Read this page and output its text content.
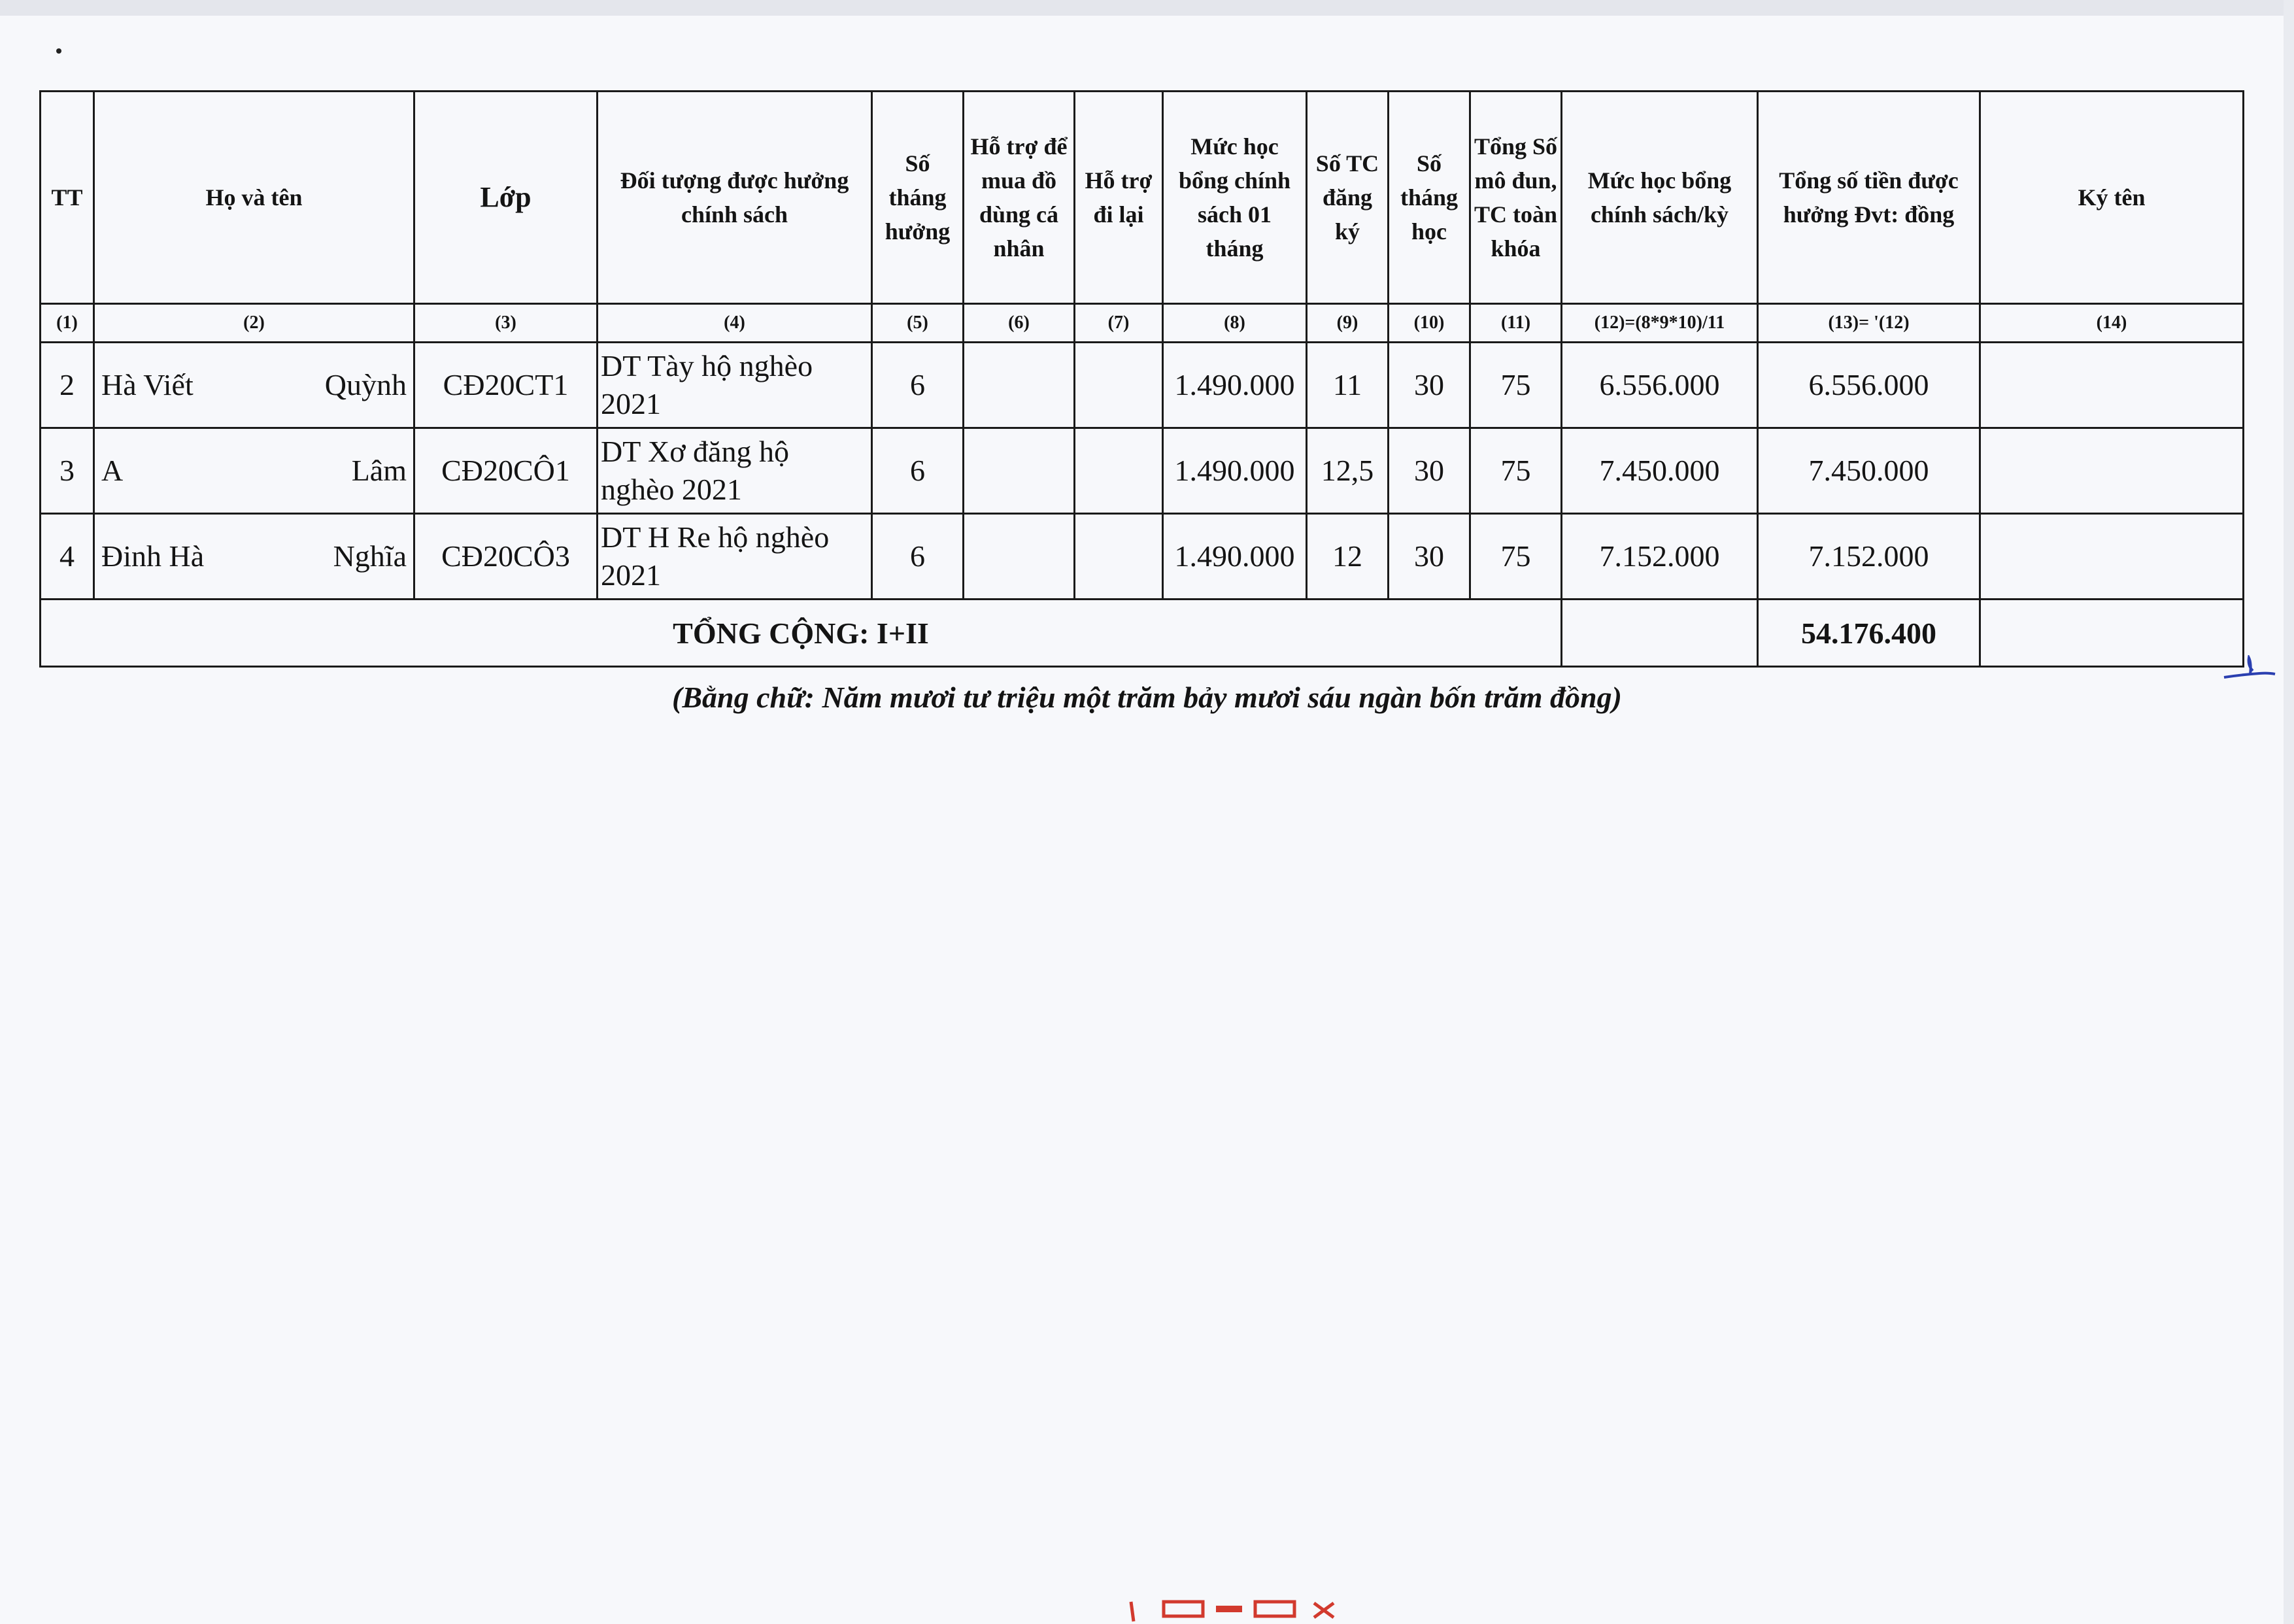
TT	Họ và tên	Lớp	Đối tượng được hưởng chính sách	Số tháng hưởng	Hỗ trợ để mua đồ dùng cá nhân	Hỗ trợ đi lại	Mức học bổng chính sách 01 tháng	Số TC đăng ký	Số tháng học	Tổng Số mô đun, TC toàn khóa	Mức học bổng chính sách/kỳ	Tổng số tiền được hưởng Đvt: đồng	Ký tên
(1)	(2)	(3)	(4)	(5)	(6)	(7)	(8)	(9)	(10)	(11)	(12)=(8*9*10)/11	(13)= '(12)	(14)
2	Hà Viết Quỳnh	CĐ20CT1	DT Tày hộ nghèo 2021	6			1.490.000	11	30	75	6.556.000	6.556.000	
3	A Lâm	CĐ20CÔ1	DT Xơ đăng hộ nghèo 2021	6			1.490.000	12,5	30	75	7.450.000	7.450.000	
4	Đinh Hà Nghĩa	CĐ20CÔ3	DT H Re hộ nghèo 2021	6			1.490.000	12	30	75	7.152.000	7.152.000	
TỔNG CỘNG: I+II												54.176.400	
(Bằng chữ: Năm mươi tư triệu một trăm bảy mươi sáu ngàn bốn trăm đồng)
